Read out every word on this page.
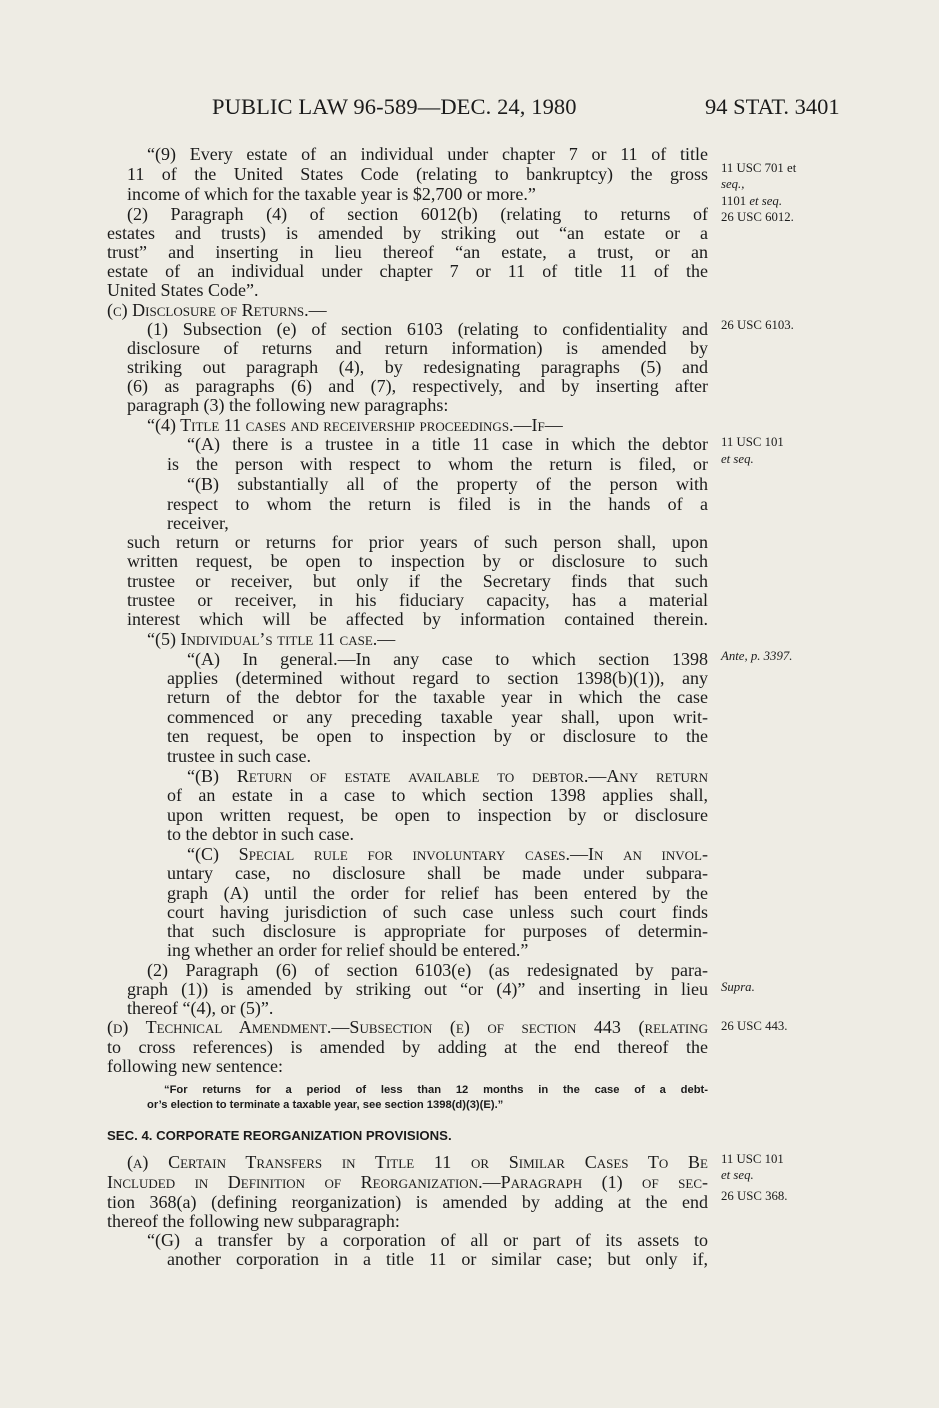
PUBLIC LAW 96-589—DEC. 24, 1980	94 STAT. 3401
“(9) Every estate of an individual under chapter 7 or 11 of title
11 of the United States Code (relating to bankruptcy) the gross
income of which for the taxable year is $2,700 or more.”
(2) Paragraph (4) of section 6012(b) (relating to returns of
estates and trusts) is amended by striking out “an estate or a
trust” and inserting in lieu thereof “an estate, a trust, or an
estate of an individual under chapter 7 or 11 of title 11 of the
United States Code”.
(c) Disclosure of Returns.—
(1) Subsection (e) of section 6103 (relating to confidentiality and
disclosure of returns and return information) is amended by
striking out paragraph (4), by redesignating paragraphs (5) and
(6) as paragraphs (6) and (7), respectively, and by inserting after
paragraph (3) the following new paragraphs:
“(4) Title 11 cases and receivership proceedings.—If—
“(A) there is a trustee in a title 11 case in which the debtor
is the person with respect to whom the return is filed, or
“(B) substantially all of the property of the person with
respect to whom the return is filed is in the hands of a
receiver,
such return or returns for prior years of such person shall, upon
written request, be open to inspection by or disclosure to such
trustee or receiver, but only if the Secretary finds that such
trustee or receiver, in his fiduciary capacity, has a material
interest which will be affected by information contained therein.
“(5) Individual’s title 11 case.—
“(A) In general.—In any case to which section 1398
applies (determined without regard to section 1398(b)(1)), any
return of the debtor for the taxable year in which the case
commenced or any preceding taxable year shall, upon writ-
ten request, be open to inspection by or disclosure to the
trustee in such case.
“(B) Return of estate available to debtor.—Any return
of an estate in a case to which section 1398 applies shall,
upon written request, be open to inspection by or disclosure
to the debtor in such case.
“(C) Special rule for involuntary cases.—In an invol-
untary case, no disclosure shall be made under subpara-
graph (A) until the order for relief has been entered by the
court having jurisdiction of such case unless such court finds
that such disclosure is appropriate for purposes of determin-
ing whether an order for relief should be entered.”
(2) Paragraph (6) of section 6103(e) (as redesignated by para-
graph (1)) is amended by striking out “or (4)” and inserting in lieu
thereof “(4), or (5)”.
(d) Technical Amendment.—Subsection (e) of section 443 (relating
to cross references) is amended by adding at the end thereof the
following new sentence:
“For returns for a period of less than 12 months in the case of a debt-
or’s election to terminate a taxable year, see section 1398(d)(3)(E).”
SEC. 4. CORPORATE REORGANIZATION PROVISIONS.
(a) Certain Transfers in Title 11 or Similar Cases To Be
Included in Definition of Reorganization.—Paragraph (1) of sec-
tion 368(a) (defining reorganization) is amended by adding at the end
thereof the following new subparagraph:
“(G) a transfer by a corporation of all or part of its assets to
another corporation in a title 11 or similar case; but only if,
11 USC 701 et
seq.,
1101 et seq.
26 USC 6012.
26 USC 6103.
11 USC 101
et seq.
Ante, p. 3397.
Supra.
26 USC 443.
11 USC 101
et seq.
26 USC 368.
